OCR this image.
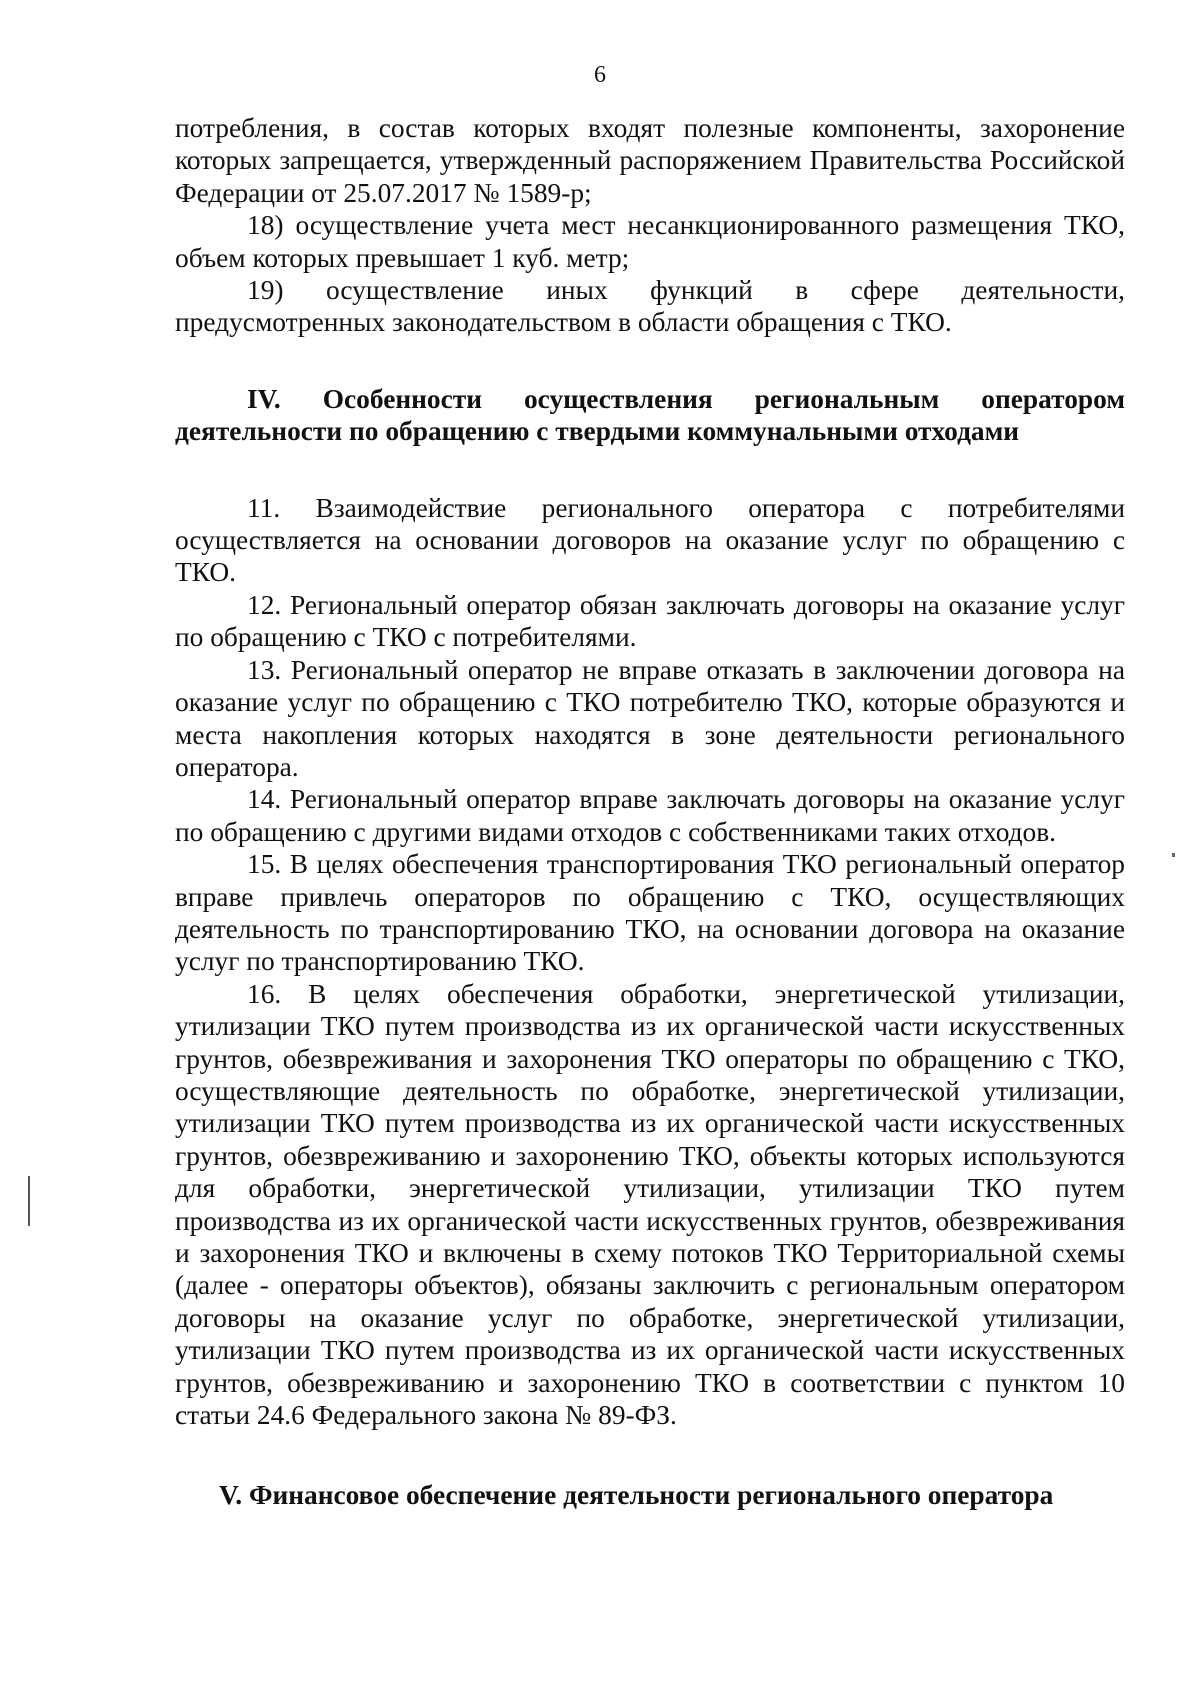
6

потребления, в состав которых входят полезные компоненты, захоронение которых запрещается, утвержденный распоряжением Правительства Российской Федерации от 25.07.2017 № 1589-р;

18) осуществление учета мест несанкционированного размещения ТКО, объем которых превышает 1 куб. метр;

19) осуществление иных функций в сфере деятельности, предусмотренных законодательством в области обращения с ТКО.

IV. Особенности осуществления региональным оператором деятельности по обращению с твердыми коммунальными отходами

11. Взаимодействие регионального оператора с потребителями осуществляется на основании договоров на оказание услуг по обращению с ТКО.

12. Региональный оператор обязан заключать договоры на оказание услуг по обращению с ТКО с потребителями.

13. Региональный оператор не вправе отказать в заключении договора на оказание услуг по обращению с ТКО потребителю ТКО, которые образуются и места накопления которых находятся в зоне деятельности регионального оператора.

14. Региональный оператор вправе заключать договоры на оказание услуг по обращению с другими видами отходов с собственниками таких отходов.

15. В целях обеспечения транспортирования ТКО региональный оператор вправе привлечь операторов по обращению с ТКО, осуществляющих деятельность по транспортированию ТКО, на основании договора на оказание услуг по транспортированию ТКО.

16. В целях обеспечения обработки, энергетической утилизации, утилизации ТКО путем производства из их органической части искусственных грунтов, обезвреживания и захоронения ТКО операторы по обращению с ТКО, осуществляющие деятельность по обработке, энергетической утилизации, утилизации ТКО путем производства из их органической части искусственных грунтов, обезвреживанию и захоронению ТКО, объекты которых используются для обработки, энергетической утилизации, утилизации ТКО путем производства из их органической части искусственных грунтов, обезвреживания и захоронения ТКО и включены в схему потоков ТКО Территориальной схемы (далее - операторы объектов), обязаны заключить с региональным оператором договоры на оказание услуг по обработке, энергетической утилизации, утилизации ТКО путем производства из их органической части искусственных грунтов, обезвреживанию и захоронению ТКО в соответствии с пунктом 10 статьи 24.6 Федерального закона № 89-ФЗ.

V. Финансовое обеспечение деятельности регионального оператора
